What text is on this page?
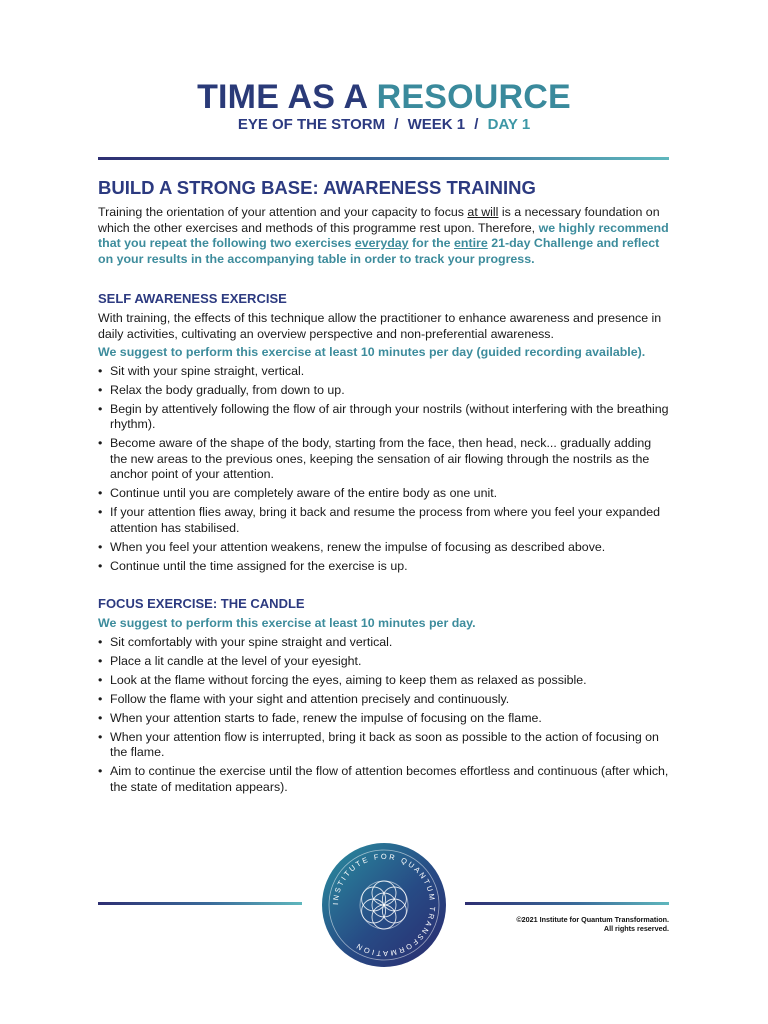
TIME AS A RESOURCE
EYE OF THE STORM / WEEK 1 / DAY 1
BUILD A STRONG BASE: AWARENESS TRAINING

Training the orientation of your attention and your capacity to focus at will is a necessary foundation on which the other exercises and methods of this programme rest upon. Therefore, we highly recommend that you repeat the following two exercises everyday for the entire 21-day Challenge and reflect on your results in the accompanying table in order to track your progress.

SELF AWARENESS EXERCISE

With training, the effects of this technique allow the practitioner to enhance awareness and presence in daily activities, cultivating an overview perspective and non-preferential awareness.

We suggest to perform this exercise at least 10 minutes per day (guided recording available).

• Sit with your spine straight, vertical.
• Relax the body gradually, from down to up.
• Begin by attentively following the flow of air through your nostrils (without interfering with the breathing rhythm).
• Become aware of the shape of the body, starting from the face, then head, neck... gradually adding the new areas to the previous ones, keeping the sensation of air flowing through the nostrils as the anchor point of your attention.
• Continue until you are completely aware of the entire body as one unit.
• If your attention flies away, bring it back and resume the process from where you feel your expanded attention has stabilised.
• When you feel your attention weakens, renew the impulse of focusing as described above.
• Continue until the time assigned for the exercise is up.
FOCUS EXERCISE: THE CANDLE

We suggest to perform this exercise at least 10 minutes per day.

• Sit comfortably with your spine straight and vertical.
• Place a lit candle at the level of your eyesight.
• Look at the flame without forcing the eyes, aiming to keep them as relaxed as possible.
• Follow the flame with your sight and attention precisely and continuously.
• When your attention starts to fade, renew the impulse of focusing on the flame.
• When your attention flow is interrupted, bring it back as soon as possible to the action of focusing on the flame.
• Aim to continue the exercise until the flow of attention becomes effortless and continuous (after which, the state of meditation appears).
INSTITUTE FOR QUANTUM TRANSFORMATION
©2021 Institute for Quantum Transformation.
All rights reserved.
